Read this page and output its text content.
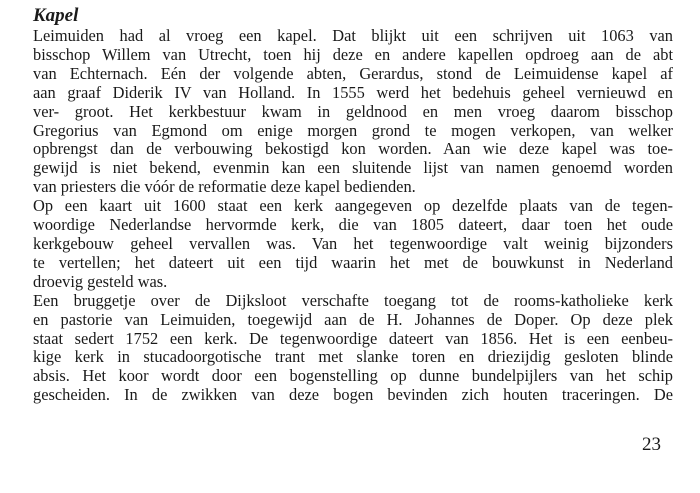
Kapel
Leimuiden had al vroeg een kapel. Dat blijkt uit een schrijven uit 1063 van
bisschop Willem van Utrecht, toen hij deze en andere kapellen opdroeg aan de abt
van Echternach. Eén der volgende abten, Gerardus, stond de Leimuidense kapel af
aan graaf Diderik IV van Holland. In 1555 werd het bedehuis geheel vernieuwd en
ver- groot. Het kerkbestuur kwam in geldnood en men vroeg daarom bisschop
Gregorius van Egmond om enige morgen grond te mogen verkopen, van welker
opbrengst dan de verbouwing bekostigd kon worden. Aan wie deze kapel was toe-
gewijd is niet bekend, evenmin kan een sluitende lijst van namen genoemd worden
van priesters die vóór de reformatie deze kapel bedienden.
Op een kaart uit 1600 staat een kerk aangegeven op dezelfde plaats van de tegen-
woordige Nederlandse hervormde kerk, die van 1805 dateert, daar toen het oude
kerkgebouw geheel vervallen was. Van het tegenwoordige valt weinig bijzonders
te vertellen; het dateert uit een tijd waarin het met de bouwkunst in Nederland
droevig gesteld was.
Een bruggetje over de Dijksloot verschafte toegang tot de rooms-katholieke kerk
en pastorie van Leimuiden, toegewijd aan de H. Johannes de Doper. Op deze plek
staat sedert 1752 een kerk. De tegenwoordige dateert van 1856. Het is een eenbeu-
kige kerk in stucadoorgotische trant met slanke toren en driezijdig gesloten blinde
absis. Het koor wordt door een bogenstelling op dunne bundelpijlers van het schip
gescheiden. In de zwikken van deze bogen bevinden zich houten traceringen. De
23
